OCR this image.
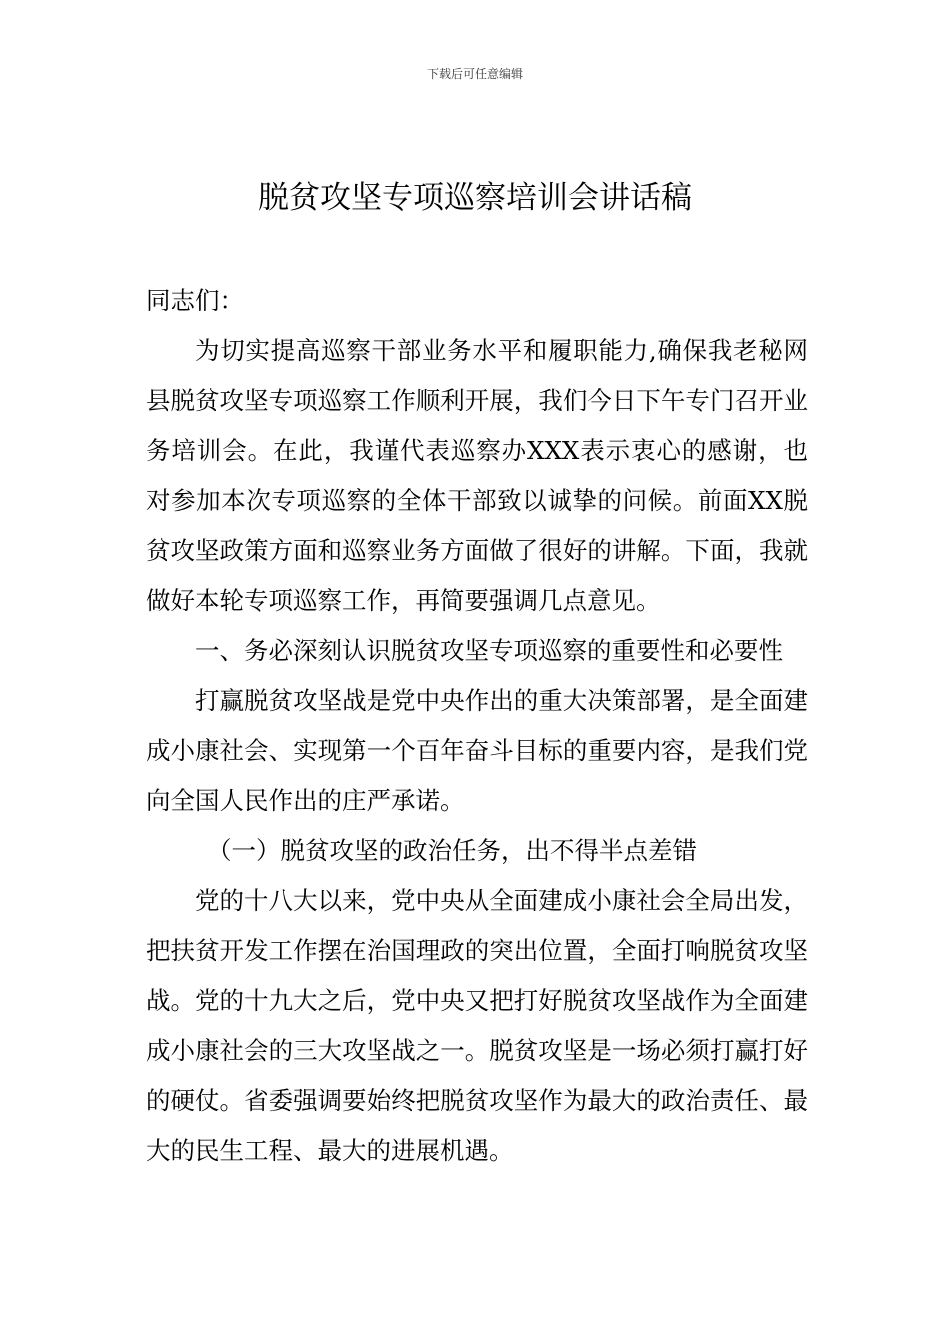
下载后可任意编辑
脱贫攻坚专项巡察培训会讲话稿

同志们：

为切实提高巡察干部业务水平和履职能力,确保我老秘网县脱贫攻坚专项巡察工作顺利开展，我们今日下午专门召开业务培训会。在此，我谨代表巡察办XXX表示衷心的感谢，也对参加本次专项巡察的全体干部致以诚挚的问候。前面XX脱贫攻坚政策方面和巡察业务方面做了很好的讲解。下面，我就做好本轮专项巡察工作，再简要强调几点意见。

一、务必深刻认识脱贫攻坚专项巡察的重要性和必要性

打赢脱贫攻坚战是党中央作出的重大决策部署，是全面建成小康社会、实现第一个百年奋斗目标的重要内容，是我们党向全国人民作出的庄严承诺。

（一）脱贫攻坚的政治任务，出不得半点差错

党的十八大以来，党中央从全面建成小康社会全局出发，把扶贫开发工作摆在治国理政的突出位置，全面打响脱贫攻坚战。党的十九大之后，党中央又把打好脱贫攻坚战作为全面建成小康社会的三大攻坚战之一。脱贫攻坚是一场必须打赢打好的硬仗。省委强调要始终把脱贫攻坚作为最大的政治责任、最大的民生工程、最大的进展机遇。
